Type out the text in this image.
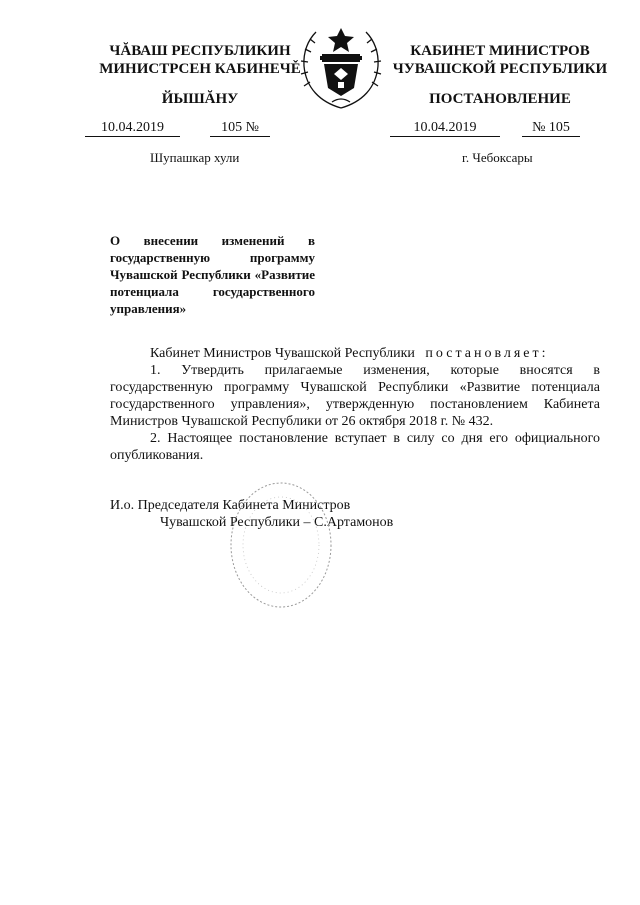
ЧĂВАШ РЕСПУБЛИКИН
МИНИСТРСЕН КАБИНЕЧĚ
ЙЫШĂНУ
КАБИНЕТ МИНИСТРОВ
ЧУВАШСКОЙ РЕСПУБЛИКИ
ПОСТАНОВЛЕНИЕ
10.04.2019	105 №	10.04.2019	№ 105
Шупашкар хули	г. Чебоксары
О внесении изменений в государственную программу Чувашской Республики «Развитие потенциала государственного управления»
Кабинет Министров Чувашской Республики постановляет:
1. Утвердить прилагаемые изменения, которые вносятся в государственную программу Чувашской Республики «Развитие потенциала государственного управления», утвержденную постановлением Кабинета Министров Чувашской Республики от 26 октября 2018 г. № 432.
2. Настоящее постановление вступает в силу со дня его официального опубликования.
И.о. Председателя Кабинета Министров
Чувашской Республики – С.Артамонов
